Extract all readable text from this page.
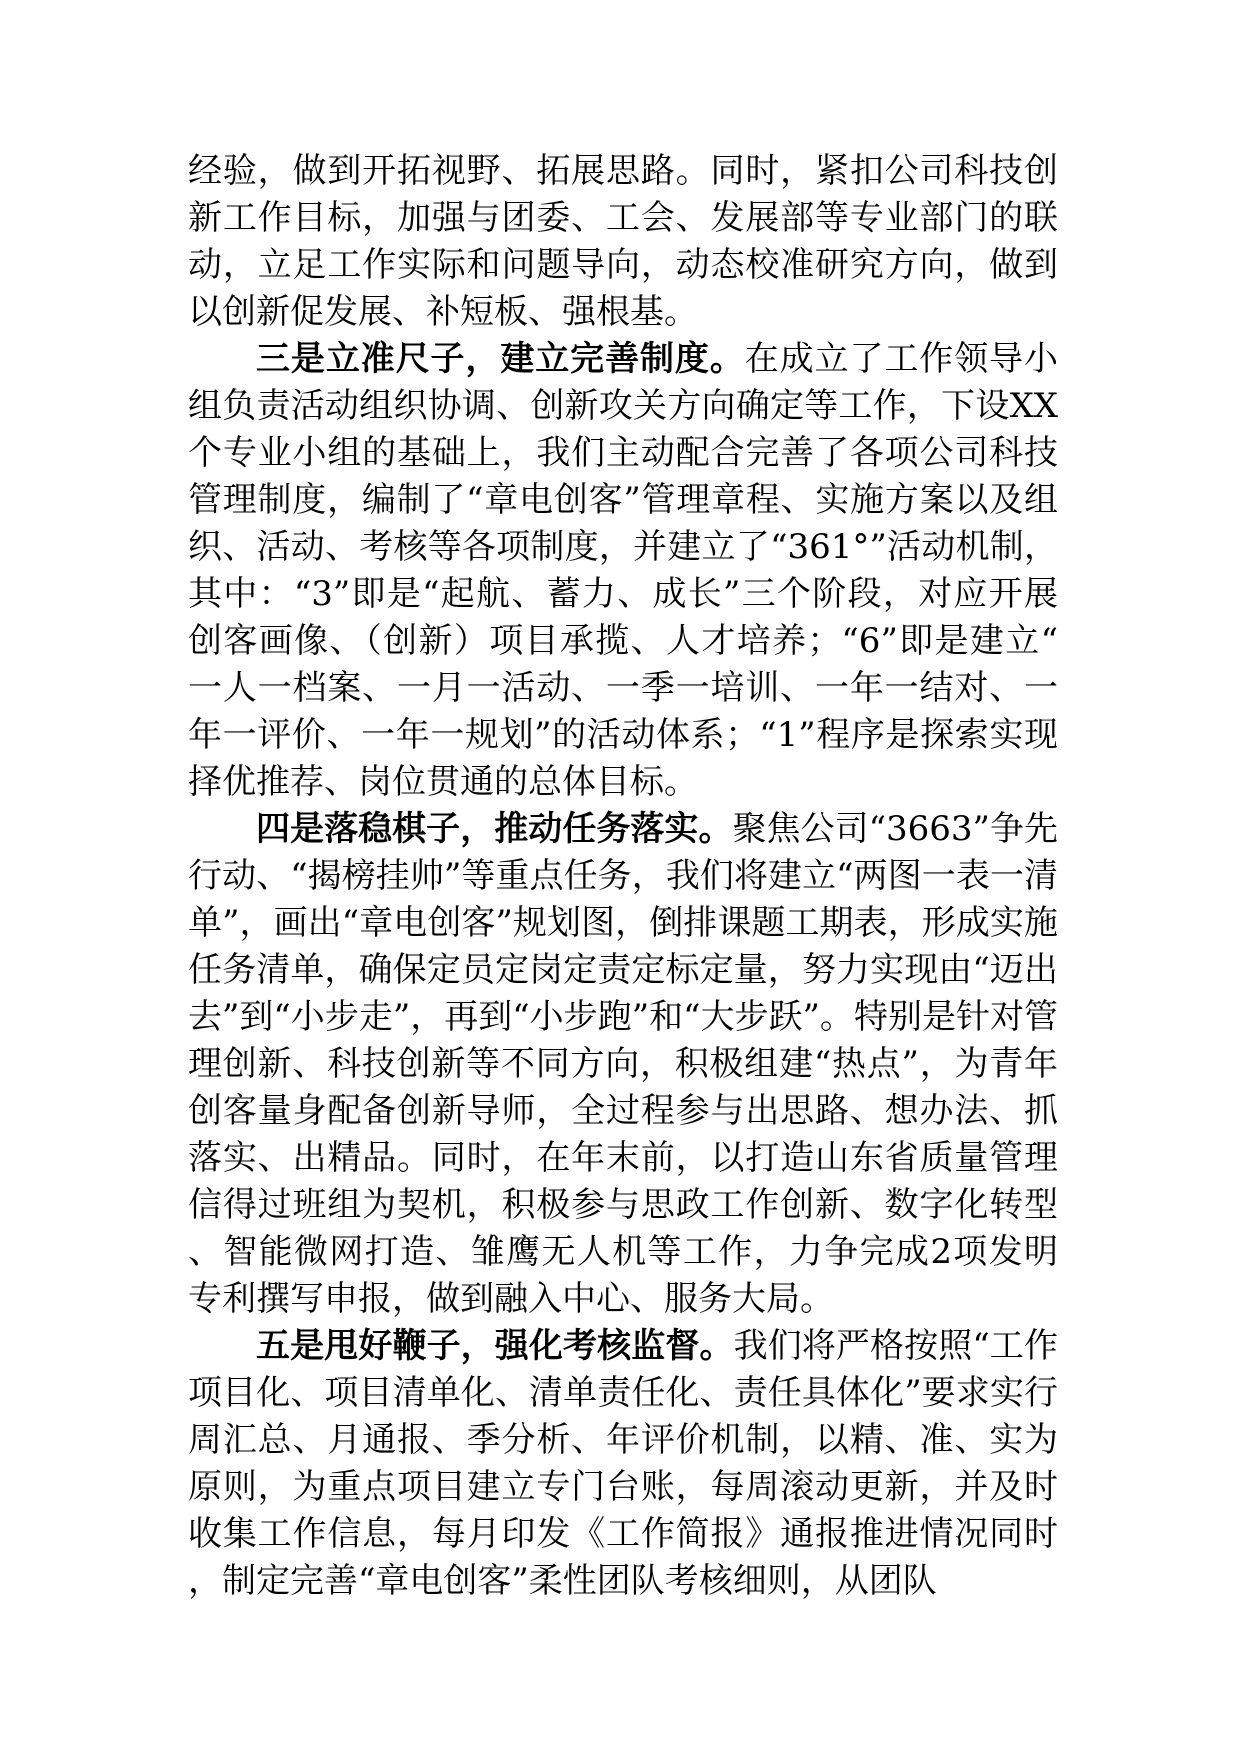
经验，做到开拓视野、拓展思路。同时，紧扣公司科技创新工作目标，加强与团委、工会、发展部等专业部门的联动，立足工作实际和问题导向，动态校准研究方向，做到以创新促发展、补短板、强根基。

三是立准尺子，建立完善制度。在成立了工作领导小组负责活动组织协调、创新攻关方向确定等工作，下设XX个专业小组的基础上，我们主动配合完善了各项公司科技管理制度，编制了“章电创客”管理章程、实施方案以及组织、活动、考核等各项制度，并建立了“361°”活动机制，其中：“3”即是“起航、蓄力、成长”三个阶段，对应开展创客画像、（创新）项目承揽、人才培养；“6”即是建立“一人一档案、一月一活动、一季一培训、一年一结对、一年一评价、一年一规划”的活动体系；“1”程序是探索实现择优推荐、岗位贯通的总体目标。

四是落稳棋子，推动任务落实。聚焦公司“3663”争先行动、“揭榜挂帅”等重点任务，我们将建立“两图一表一清单”，画出“章电创客”规划图，倒排课题工期表，形成实施任务清单，确保定员定岗定责定标定量，努力实现由“迈出去”到“小步走”，再到“小步跑”和“大步跃”。特别是针对管理创新、科技创新等不同方向，积极组建“热点”，为青年创客量身配备创新导师，全过程参与出思路、想办法、抓落实、出精品。同时，在年末前，以打造山东省质量管理信得过班组为契机，积极参与思政工作创新、数字化转型、智能微网打造、雏鹰无人机等工作，力争完成2项发明专利撰写申报，做到融入中心、服务大局。

五是甩好鞭子，强化考核监督。我们将严格按照“工作项目化、项目清单化、清单责任化、责任具体化”要求实行周汇总、月通报、季分析、年评价机制，以精、准、实为原则，为重点项目建立专门台账，每周滚动更新，并及时收集工作信息，每月印发《工作简报》通报推进情况同时，制定完善“章电创客”柔性团队考核细则，从团队
